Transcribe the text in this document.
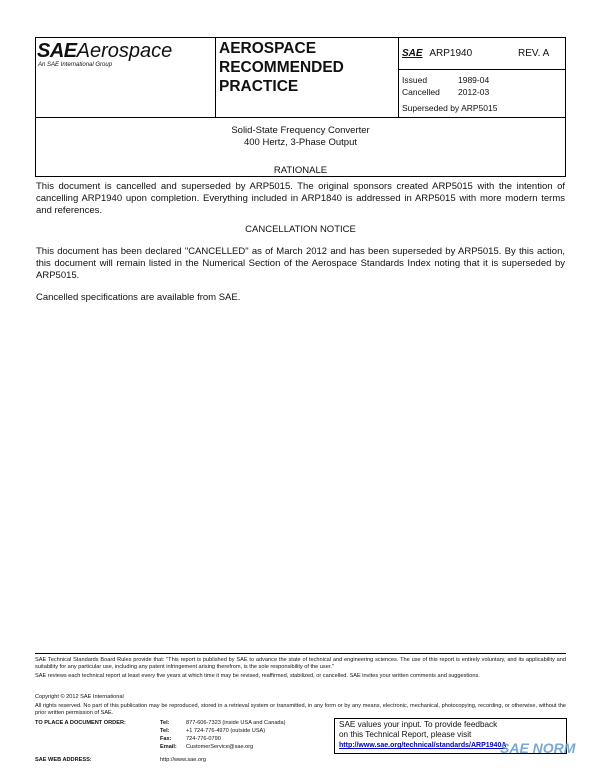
SAEAerospace
An SAE International Group
AEROSPACE
RECOMMENDED
PRACTICE
SAE ARP1940	REV. A
Issued	1989-04
Cancelled 2012-03
Superseded by ARP5015
Solid-State Frequency Converter
400 Hertz, 3-Phase Output
RATIONALE
This document is cancelled and superseded by ARP5015. The original sponsors created ARP5015 with the intention of cancelling ARP1940 upon completion. Everything included in ARP1840 is addressed in ARP5015 with more modern terms and references.
CANCELLATION NOTICE
This document has been declared "CANCELLED" as of March 2012 and has been superseded by ARP5015. By this action, this document will remain listed in the Numerical Section of the Aerospace Standards Index noting that it is superseded by ARP5015.
Cancelled specifications are available from SAE.
SAE Technical Standards Board Rules provide that: "This report is published by SAE to advance the state of technical and engineering sciences. The use of this report is entirely voluntary, and its applicability and suitability for any particular use, including any patent infringement arising therefrom, is the sole responsibility of the user."
SAE reviews each technical report at least every five years at which time it may be revised, reaffirmed, stabilized, or cancelled. SAE invites your written comments and suggestions.
Copyright © 2012 SAE International
All rights reserved. No part of this publication may be reproduced, stored in a retrieval system or transmitted, in any form or by any means, electronic, mechanical, photocopying, recording, or otherwise, without the prior written permission of SAE.
TO PLACE A DOCUMENT ORDER:	Tel:	877-606-7323 (inside USA and Canada)
Tel:	+1 724-776-4970 (outside USA)
Fax:	724-776-0790
Email: CustomerService@sae.org
SAE WEB ADDRESS:	http://www.sae.org
SAE values your input. To provide feedback
on this Technical Report, please visit
http://www.sae.org/technical/standards/ARP1940A
SAE NORM
